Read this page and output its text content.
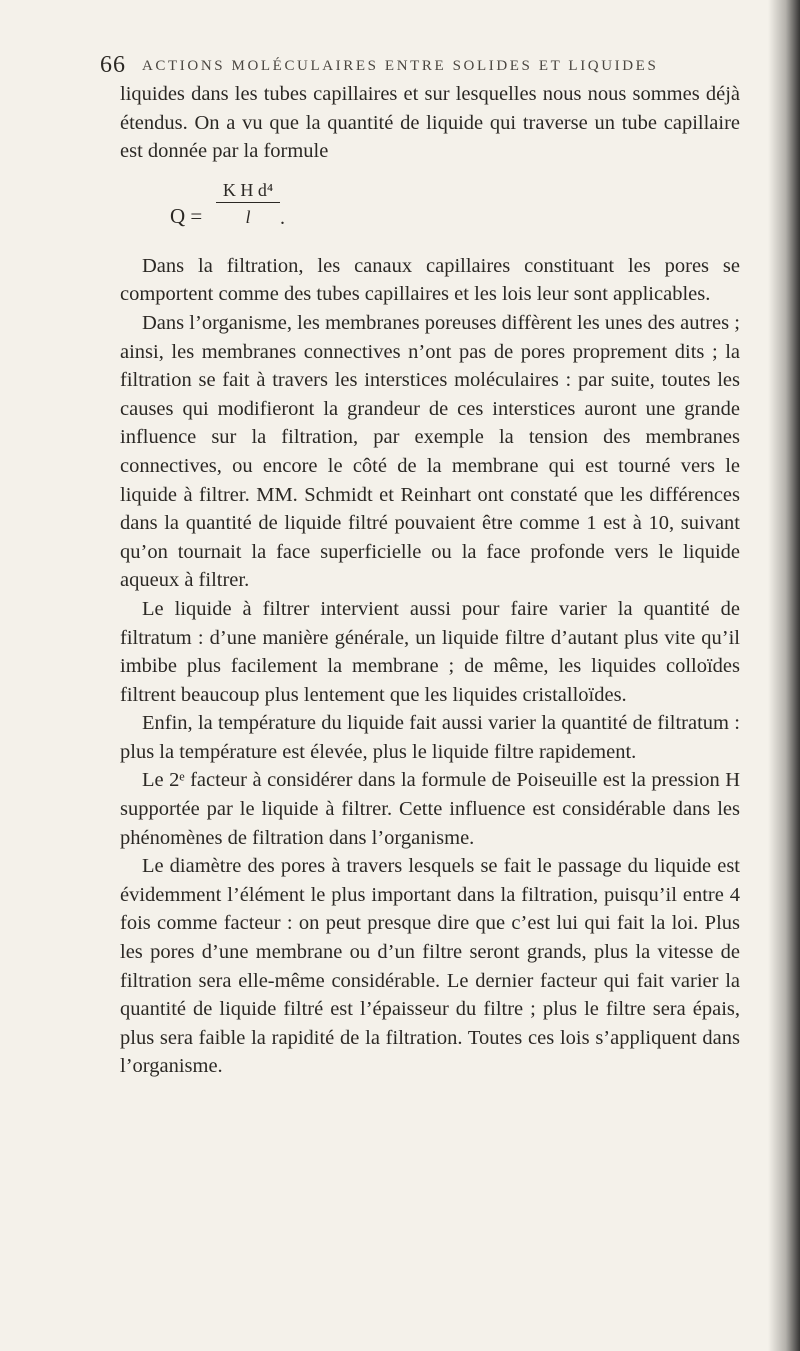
66 ACTIONS MOLÉCULAIRES ENTRE SOLIDES ET LIQUIDES

liquides dans les tubes capillaires et sur lesquelles nous nous sommes déjà étendus. On a vu que la quantité de liquide qui traverse un tube capillaire est donnée par la formule

Q =
K H d⁴
l	.

Dans la filtration, les canaux capillaires constituant les pores se comportent comme des tubes capillaires et les lois leur sont applicables.

Dans l’organisme, les membranes poreuses diffèrent les unes des autres ; ainsi, les membranes connectives n’ont pas de pores proprement dits ; la filtration se fait à travers les interstices moléculaires : par suite, toutes les causes qui modifieront la grandeur de ces interstices auront une grande influence sur la filtration, par exemple la tension des membranes connectives, ou encore le côté de la membrane qui est tourné vers le liquide à filtrer. MM. Schmidt et Reinhart ont constaté que les différences dans la quantité de liquide filtré pouvaient être comme 1 est à 10, suivant qu’on tournait la face superficielle ou la face profonde vers le liquide aqueux à filtrer.

Le liquide à filtrer intervient aussi pour faire varier la quantité de filtratum : d’une manière générale, un liquide filtre d’autant plus vite qu’il imbibe plus facilement la membrane ; de même, les liquides colloïdes filtrent beaucoup plus lentement que les liquides cristalloïdes.

Enfin, la température du liquide fait aussi varier la quantité de filtratum : plus la température est élevée, plus le liquide filtre rapidement.

Le 2ᵉ facteur à considérer dans la formule de Poiseuille est la pression H supportée par le liquide à filtrer. Cette influence est considérable dans les phénomènes de filtration dans l’organisme.

Le diamètre des pores à travers lesquels se fait le passage du liquide est évidemment l’élément le plus important dans la filtration, puisqu’il entre 4 fois comme facteur : on peut presque dire que c’est lui qui fait la loi. Plus les pores d’une membrane ou d’un filtre seront grands, plus la vitesse de filtration sera elle-même considérable. Le dernier facteur qui fait varier la quantité de liquide filtré est l’épaisseur du filtre ; plus le filtre sera épais, plus sera faible la rapidité de la filtration. Toutes ces lois s’appliquent dans l’organisme.
